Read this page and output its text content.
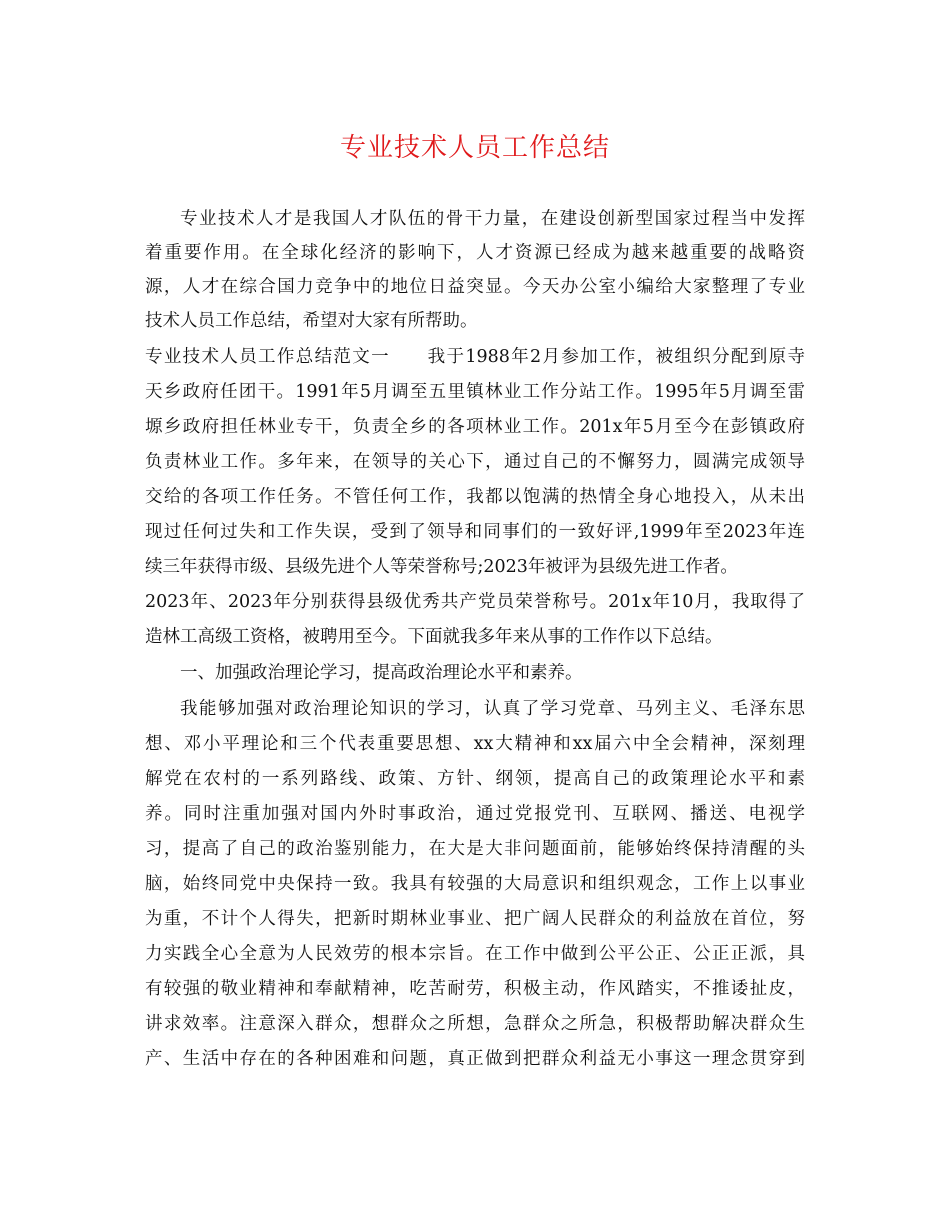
专业技术人员工作总结
专业技术人才是我国人才队伍的骨干力量，在建设创新型国家过程当中发挥
着重要作用。在全球化经济的影响下，人才资源已经成为越来越重要的战略资
源，人才在综合国力竞争中的地位日益突显。今天办公室小编给大家整理了专业
技术人员工作总结，希望对大家有所帮助。
专业技术人员工作总结范文一　　我于1988年2月参加工作，被组织分配到原寺
天乡政府任团干。1991年5月调至五里镇林业工作分站工作。1995年5月调至雷
塬乡政府担任林业专干，负责全乡的各项林业工作。201x年5月至今在彭镇政府
负责林业工作。多年来，在领导的关心下，通过自己的不懈努力，圆满完成领导
交给的各项工作任务。不管任何工作，我都以饱满的热情全身心地投入，从未出
现过任何过失和工作失误，受到了领导和同事们的一致好评,1999年至2023年连
续三年获得市级、县级先进个人等荣誉称号;2023年被评为县级先进工作者。
2023年、2023年分别获得县级优秀共产党员荣誉称号。201x年10月，我取得了
造林工高级工资格，被聘用至今。下面就我多年来从事的工作作以下总结。
一、加强政治理论学习，提高政治理论水平和素养。
我能够加强对政治理论知识的学习，认真了学习党章、马列主义、毛泽东思
想、邓小平理论和三个代表重要思想、xx大精神和xx届六中全会精神，深刻理
解党在农村的一系列路线、政策、方针、纲领，提高自己的政策理论水平和素
养。同时注重加强对国内外时事政治，通过党报党刊、互联网、播送、电视学
习，提高了自己的政治鉴别能力，在大是大非问题面前，能够始终保持清醒的头
脑，始终同党中央保持一致。我具有较强的大局意识和组织观念，工作上以事业
为重，不计个人得失，把新时期林业事业、把广阔人民群众的利益放在首位，努
力实践全心全意为人民效劳的根本宗旨。在工作中做到公平公正、公正正派，具
有较强的敬业精神和奉献精神，吃苦耐劳，积极主动，作风踏实，不推诿扯皮，
讲求效率。注意深入群众，想群众之所想，急群众之所急，积极帮助解决群众生
产、生活中存在的各种困难和问题，真正做到把群众利益无小事这一理念贯穿到
